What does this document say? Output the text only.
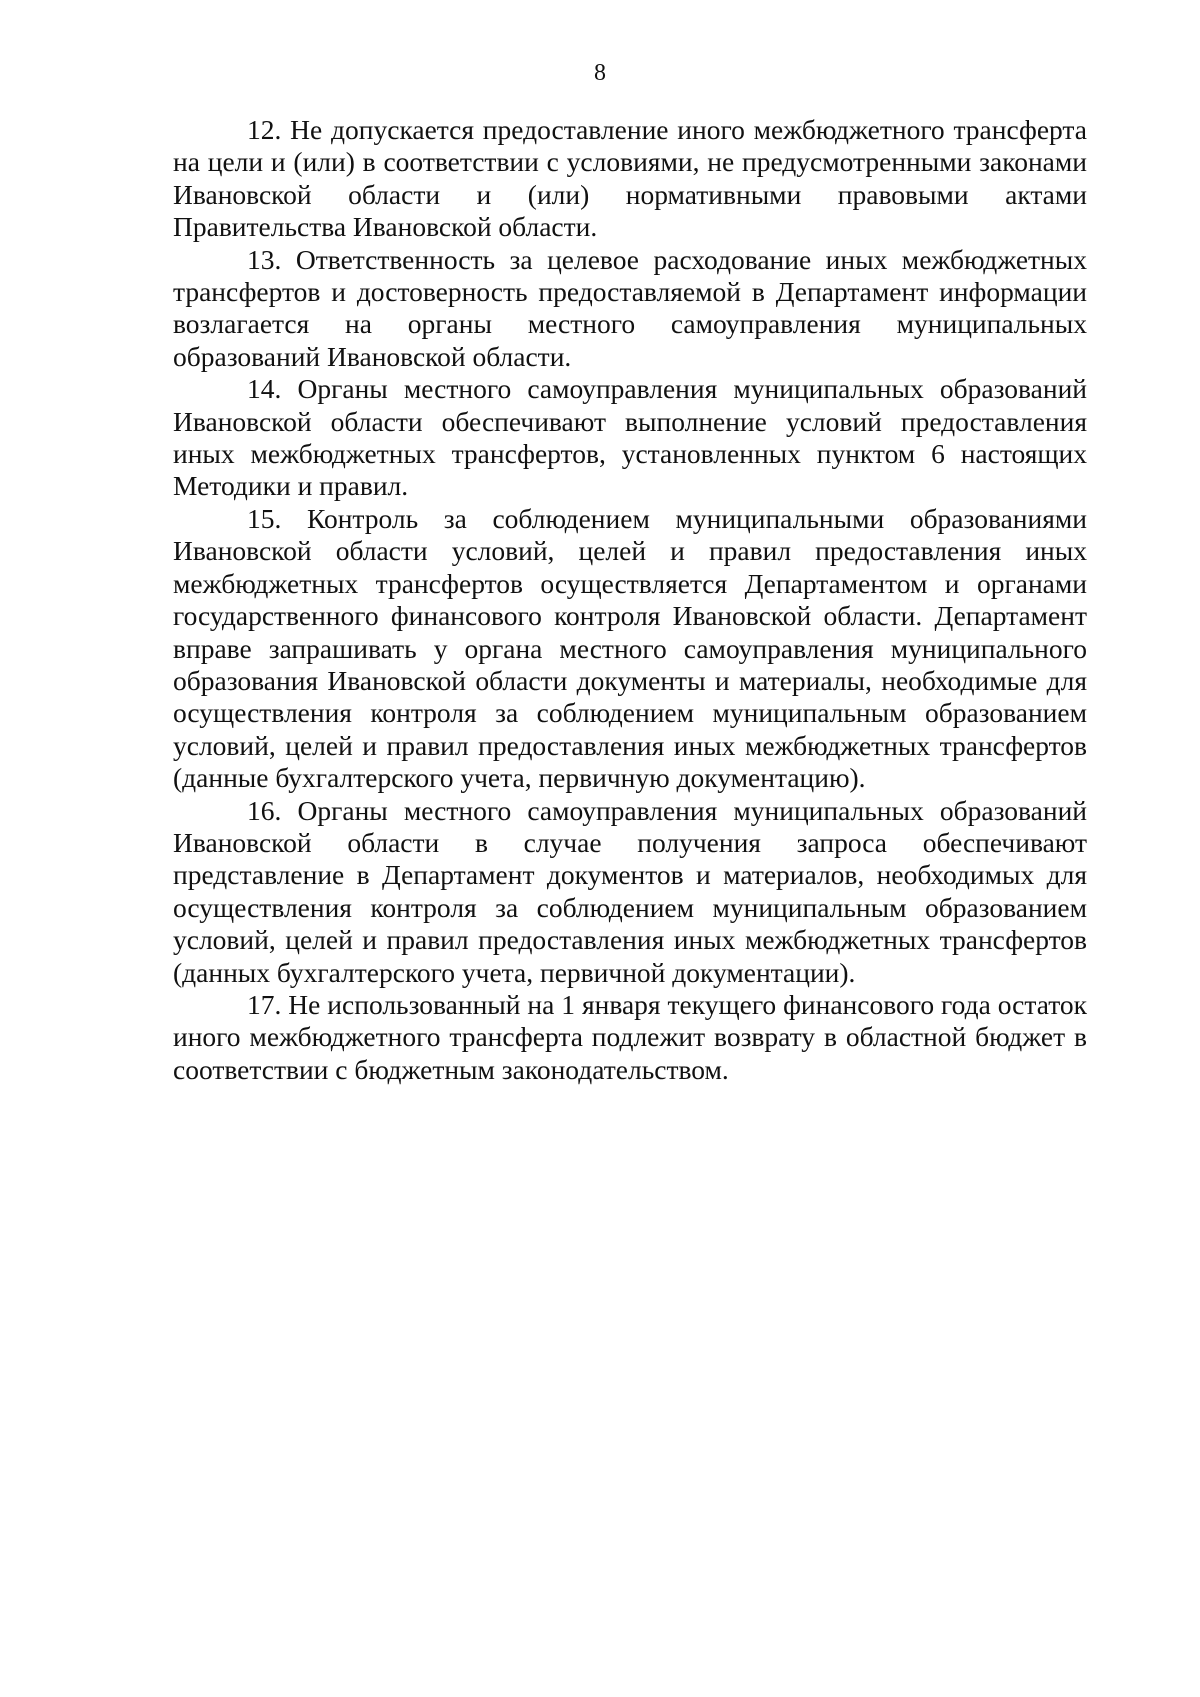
8

12. Не допускается предоставление иного межбюджетного трансферта на цели и (или) в соответствии с условиями, не предусмотренными законами Ивановской области и (или) нормативными правовыми актами Правительства Ивановской области.

13. Ответственность за целевое расходование иных межбюджетных трансфертов и достоверность предоставляемой в Департамент информации возлагается на органы местного самоуправления муниципальных образований Ивановской области.

14. Органы местного самоуправления муниципальных образований Ивановской области обеспечивают выполнение условий предоставления иных межбюджетных трансфертов, установленных пунктом 6 настоящих Методики и правил.

15. Контроль за соблюдением муниципальными образованиями Ивановской области условий, целей и правил предоставления иных межбюджетных трансфертов осуществляется Департаментом и органами государственного финансового контроля Ивановской области. Департамент вправе запрашивать у органа местного самоуправления муниципального образования Ивановской области документы и материалы, необходимые для осуществления контроля за соблюдением муниципальным образованием условий, целей и правил предоставления иных межбюджетных трансфертов (данные бухгалтерского учета, первичную документацию).

16. Органы местного самоуправления муниципальных образований Ивановской области в случае получения запроса обеспечивают представление в Департамент документов и материалов, необходимых для осуществления контроля за соблюдением муниципальным образованием условий, целей и правил предоставления иных межбюджетных трансфертов (данных бухгалтерского учета, первичной документации).

17. Не использованный на 1 января текущего финансового года остаток иного межбюджетного трансферта подлежит возврату в областной бюджет в соответствии с бюджетным законодательством.
